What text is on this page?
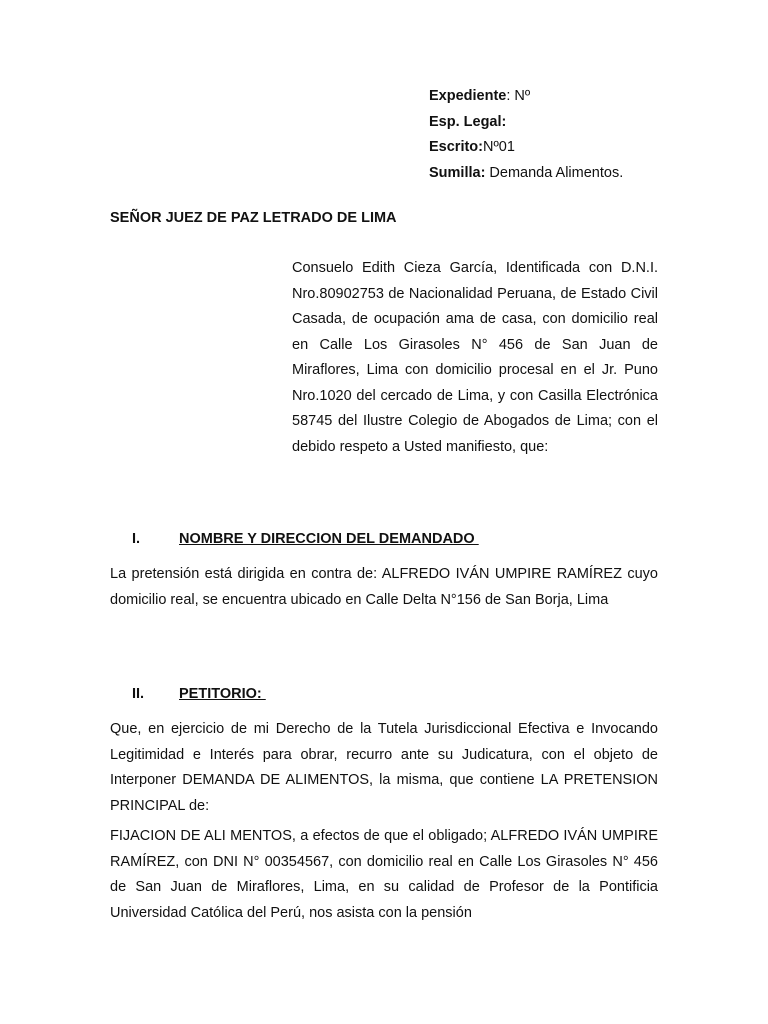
Expediente: Nº
Esp. Legal:
Escrito:Nº01
Sumilla: Demanda Alimentos.
SEÑOR JUEZ DE PAZ LETRADO DE LIMA
Consuelo Edith Cieza García, Identificada con D.N.I. Nro.80902753 de Nacionalidad Peruana, de Estado Civil Casada, de ocupación ama de casa, con domicilio real en Calle Los Girasoles N° 456 de San Juan de Miraflores, Lima con domicilio procesal en el Jr. Puno Nro.1020 del cercado de Lima, y con Casilla Electrónica 58745 del Ilustre Colegio de Abogados de Lima; con el debido respeto a Usted manifiesto, que:
I.	NOMBRE Y DIRECCION DEL DEMANDADO

La pretensión está dirigida en contra de: ALFREDO IVÁN UMPIRE RAMÍREZ cuyo domicilio real, se encuentra ubicado en Calle Delta N°156 de San Borja, Lima

II. PETITORIO:

Que, en ejercicio de mi Derecho de la Tutela Jurisdiccional Efectiva e Invocando Legitimidad e Interés para obrar, recurro ante su Judicatura, con el objeto de Interponer DEMANDA DE ALIMENTOS, la misma, que contiene LA PRETENSION PRINCIPAL de:

FIJACION DE ALI MENTOS, a efectos de que el obligado; ALFREDO IVÁN UMPIRE RAMÍREZ, con DNI N° 00354567, con domicilio real en Calle Los Girasoles N° 456 de San Juan de Miraflores, Lima, en su calidad de Profesor de la Pontificia Universidad Católica del Perú, nos asista con la pensión
